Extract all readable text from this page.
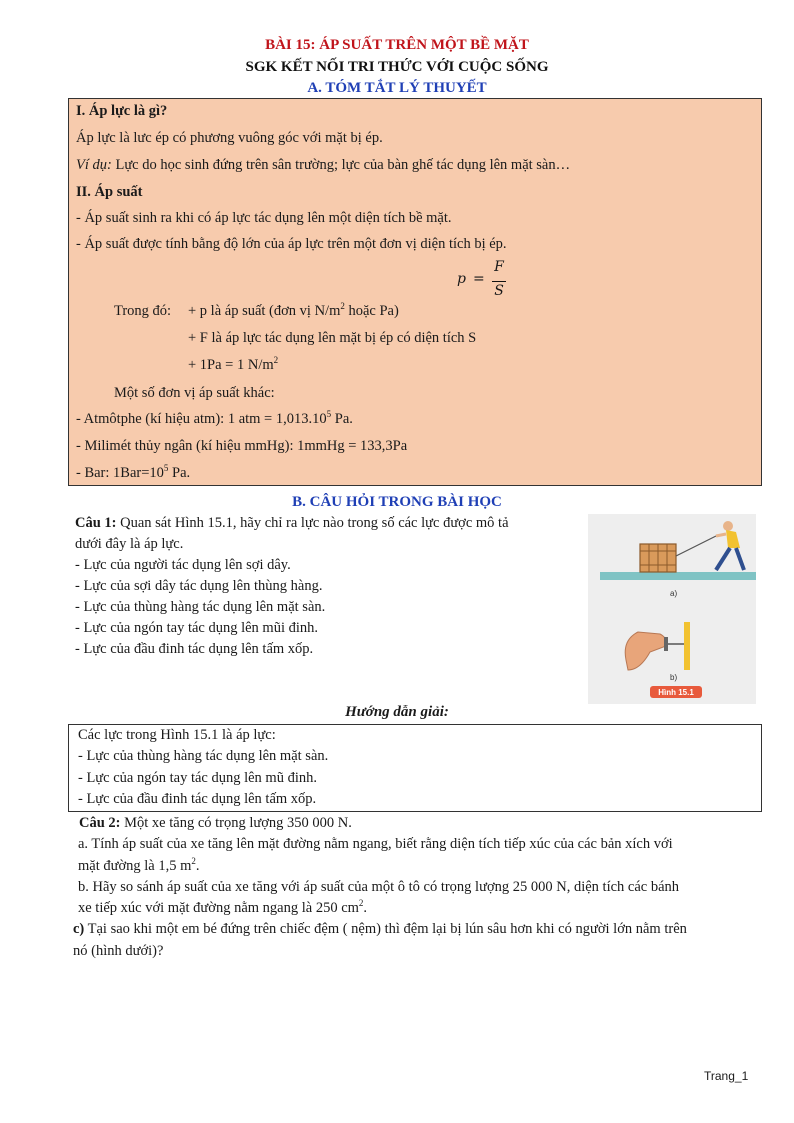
BÀI 15: ÁP SUẤT TRÊN MỘT BỀ MẶT
SGK KẾT NỐI TRI THỨC VỚI CUỘC SỐNG
A. TÓM TẮT LÝ THUYẾT
I. Áp lực là gì?
Áp lực là lưc ép có phương vuông góc với mặt bị ép.
Ví dụ: Lực do học sinh đứng trên sân trường; lực của bàn ghế tác dụng lên mặt sàn…
II. Áp suất
- Áp suất sinh ra khi có áp lực tác dụng lên một diện tích bề mặt.
- Áp suất được tính bằng độ lớn của áp lực trên một đơn vị diện tích bị ép.
p =
F
S
Trong đó: + p là áp suất (đơn vị $N/m^2$ hoặc Pa)
+ F là áp lực tác dụng lên mặt bị ép có diện tích S
+ 1Pa = 1 $N/m^2$
Một số đơn vị áp suất khác:
- Atmôtphe (kí hiệu atm): 1 atm = $1,013.10^5$ Pa.
- Milimét thủy ngân (kí hiệu mmHg): 1mmHg = 133,3Pa
- Bar: $1Bar=10^5$ Pa.
B. CÂU HỎI TRONG BÀI HỌC
Câu 1: Quan sát Hình 15.1, hãy chỉ ra lực nào trong số các lực được mô tả
dưới đây là áp lực.
- Lực của người tác dụng lên sợi dây.
- Lực của sợi dây tác dụng lên thùng hàng.
- Lực của thùng hàng tác dụng lên mặt sàn.
- Lực của ngón tay tác dụng lên mũi đinh.
- Lực của đầu đinh tác dụng lên tấm xốp.
a)
b)
Hình 15.1
Hướng dẫn giải:
Các lực trong Hình 15.1 là áp lực:
- Lực của thùng hàng tác dụng lên mặt sàn.
- Lực của ngón tay tác dụng lên mũ đinh.
- Lực của đầu đinh tác dụng lên tấm xốp.
Câu 2: Một xe tăng có trọng lượng 350 000 N.
a. Tính áp suất của xe tăng lên mặt đường nằm ngang, biết rằng diện tích tiếp xúc của các bản xích với
mặt đường là 1,5 $m^2$.
b. Hãy so sánh áp suất của xe tăng với áp suất của một ô tô có trọng lượng 25 000 N, diện tích các bánh
xe tiếp xúc với mặt đường nằm ngang là 250 $cm^2$.
c) Tại sao khi một em bé đứng trên chiếc đệm ( nệm) thì đệm lại bị lún sâu hơn khi có người lớn nằm trên
nó (hình dưới)?
Trang_1
